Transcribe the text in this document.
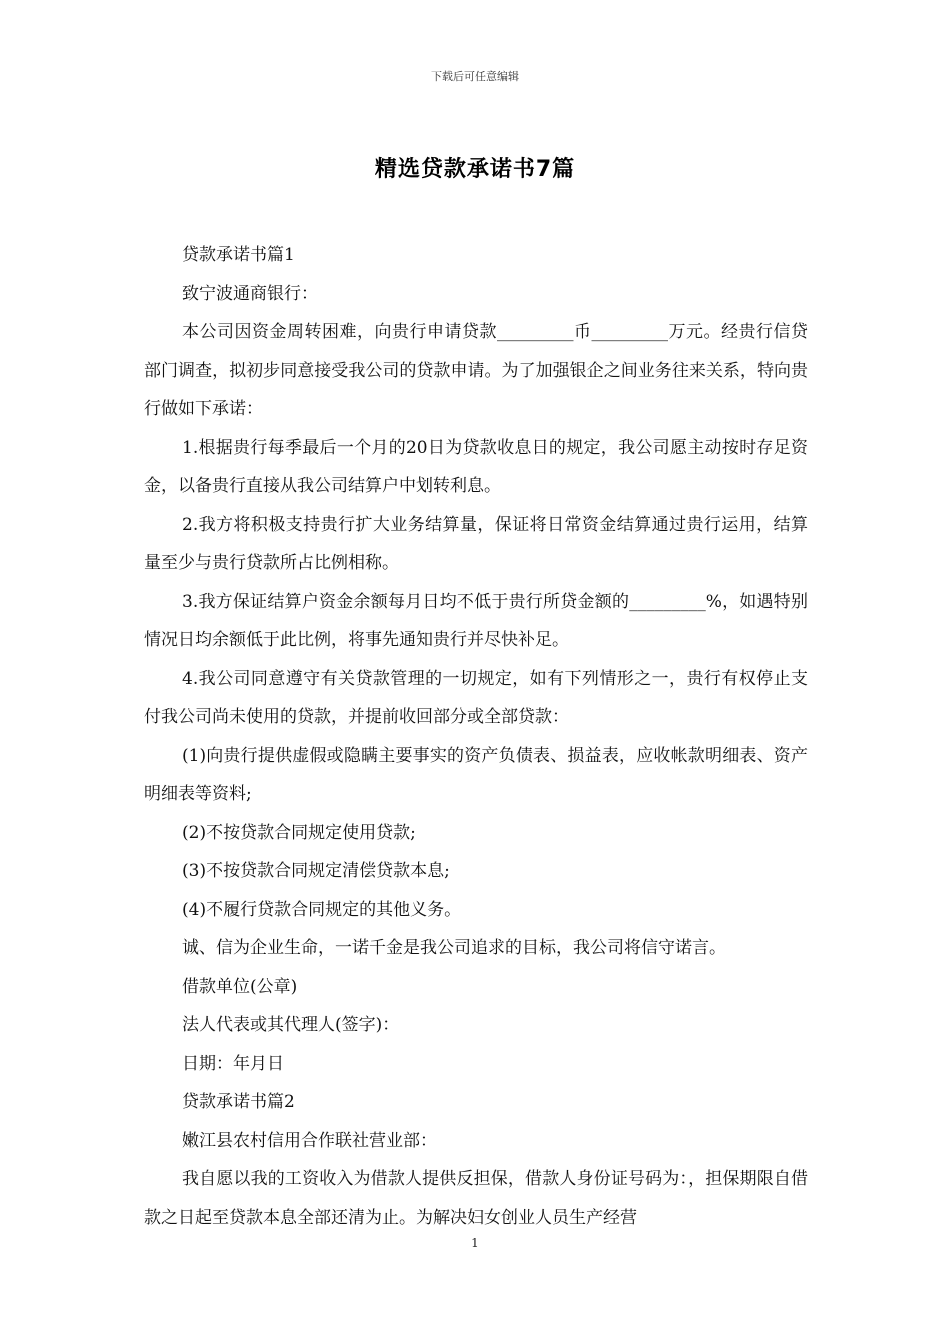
下载后可任意编辑
精选贷款承诺书7篇

贷款承诺书篇1

致宁波通商银行：

本公司因资金周转困难，向贵行申请贷款_________币_________万元。经贵行信贷部门调查，拟初步同意接受我公司的贷款申请。为了加强银企之间业务往来关系，特向贵行做如下承诺：

1.根据贵行每季最后一个月的20日为贷款收息日的规定，我公司愿主动按时存足资金，以备贵行直接从我公司结算户中划转利息。

2.我方将积极支持贵行扩大业务结算量，保证将日常资金结算通过贵行运用，结算量至少与贵行贷款所占比例相称。

3.我方保证结算户资金余额每月日均不低于贵行所贷金额的_________%，如遇特别情况日均余额低于此比例，将事先通知贵行并尽快补足。

4.我公司同意遵守有关贷款管理的一切规定，如有下列情形之一，贵行有权停止支付我公司尚未使用的贷款，并提前收回部分或全部贷款：

(1)向贵行提供虚假或隐瞒主要事实的资产负债表、损益表，应收帐款明细表、资产明细表等资料;

(2)不按贷款合同规定使用贷款;

(3)不按贷款合同规定清偿贷款本息;

(4)不履行贷款合同规定的其他义务。

诚、信为企业生命，一诺千金是我公司追求的目标，我公司将信守诺言。

借款单位(公章)

法人代表或其代理人(签字)：

日期：年月日

贷款承诺书篇2

嫩江县农村信用合作联社营业部：

我自愿以我的工资收入为借款人提供反担保，借款人身份证号码为：，担保期限自借款之日起至贷款本息全部还清为止。为解决妇女创业人员生产经营

1
